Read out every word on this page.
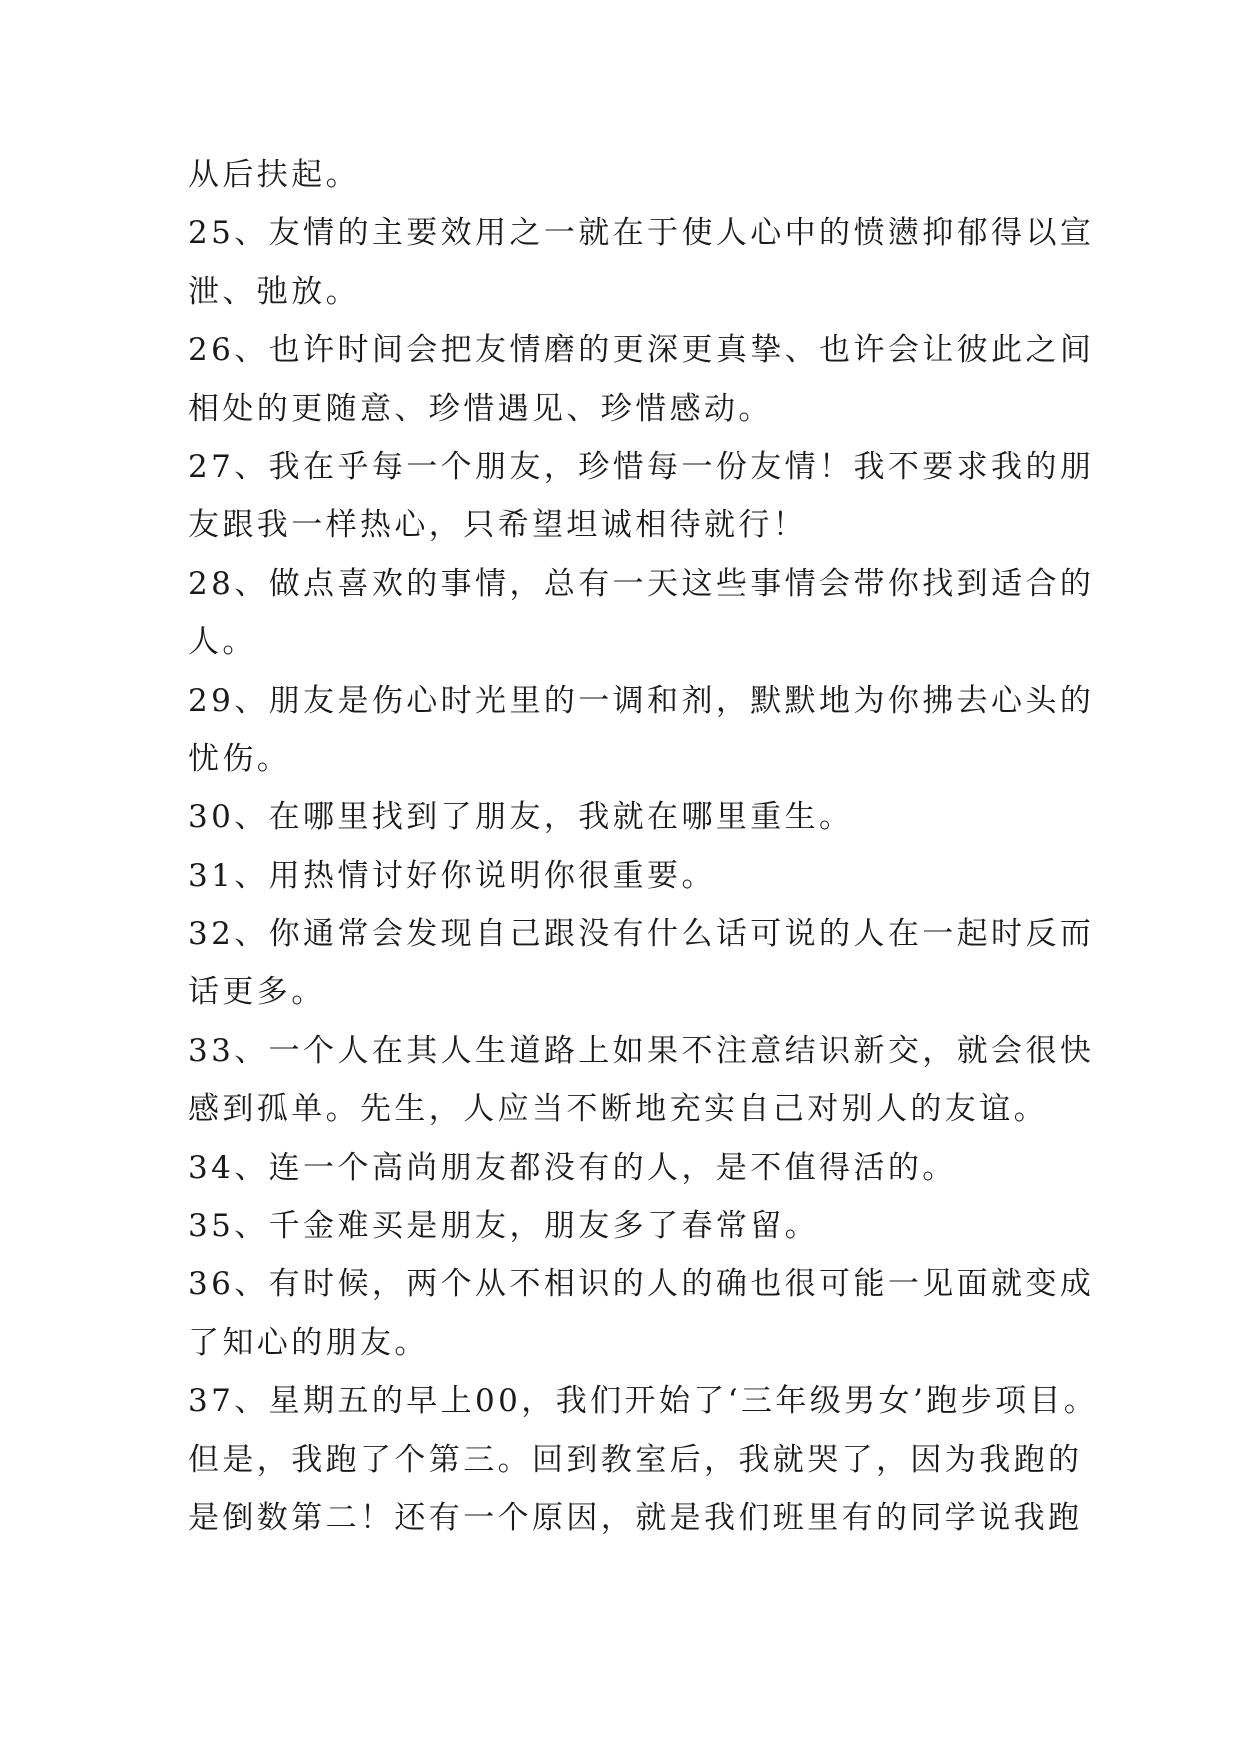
从后扶起。
25、友情的主要效用之一就在于使人心中的愤懑抑郁得以宣
泄、弛放。
26、也许时间会把友情磨的更深更真挚、也许会让彼此之间
相处的更随意、珍惜遇见、珍惜感动。
27、我在乎每一个朋友，珍惜每一份友情！我不要求我的朋
友跟我一样热心，只希望坦诚相待就行！
28、做点喜欢的事情，总有一天这些事情会带你找到适合的
人。
29、朋友是伤心时光里的一调和剂，默默地为你拂去心头的
忧伤。
30、在哪里找到了朋友，我就在哪里重生。
31、用热情讨好你说明你很重要。
32、你通常会发现自己跟没有什么话可说的人在一起时反而
话更多。
33、一个人在其人生道路上如果不注意结识新交，就会很快
感到孤单。先生，人应当不断地充实自己对别人的友谊。
34、连一个高尚朋友都没有的人，是不值得活的。
35、千金难买是朋友，朋友多了春常留。
36、有时候，两个从不相识的人的确也很可能一见面就变成
了知心的朋友。
37、星期五的早上00，我们开始了‘三年级男女’跑步项目。
但是，我跑了个第三。回到教室后，我就哭了，因为我跑的
是倒数第二！还有一个原因，就是我们班里有的同学说我跑
